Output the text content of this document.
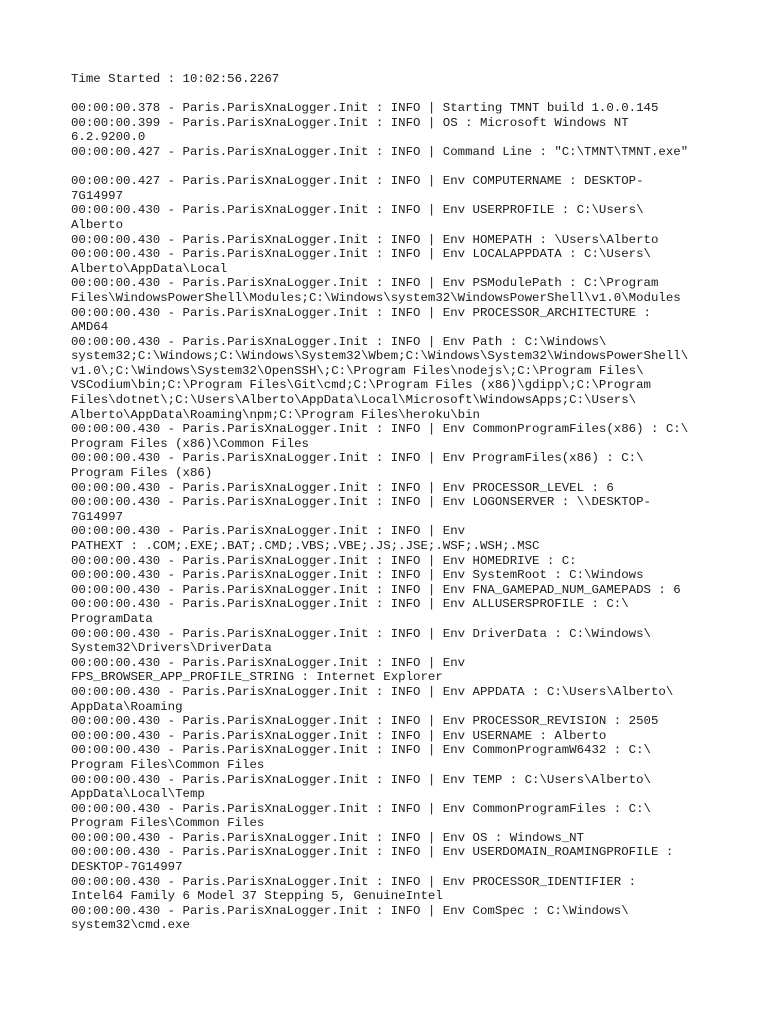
Time Started : 10:02:56.2267
00:00:00.378 - Paris.ParisXnaLogger.Init : INFO | Starting TMNT build 1.0.0.145
00:00:00.399 - Paris.ParisXnaLogger.Init : INFO | OS : Microsoft Windows NT
6.2.9200.0
00:00:00.427 - Paris.ParisXnaLogger.Init : INFO | Command Line : "C:\TMNT\TMNT.exe"
00:00:00.427 - Paris.ParisXnaLogger.Init : INFO | Env COMPUTERNAME : DESKTOP-
7G14997
00:00:00.430 - Paris.ParisXnaLogger.Init : INFO | Env USERPROFILE : C:\Users\
Alberto
00:00:00.430 - Paris.ParisXnaLogger.Init : INFO | Env HOMEPATH : \Users\Alberto
00:00:00.430 - Paris.ParisXnaLogger.Init : INFO | Env LOCALAPPDATA : C:\Users\
Alberto\AppData\Local
00:00:00.430 - Paris.ParisXnaLogger.Init : INFO | Env PSModulePath : C:\Program
Files\WindowsPowerShell\Modules;C:\Windows\system32\WindowsPowerShell\v1.0\Modules
00:00:00.430 - Paris.ParisXnaLogger.Init : INFO | Env PROCESSOR_ARCHITECTURE :
AMD64
00:00:00.430 - Paris.ParisXnaLogger.Init : INFO | Env Path : C:\Windows\
system32;C:\Windows;C:\Windows\System32\Wbem;C:\Windows\System32\WindowsPowerShell\
v1.0\;C:\Windows\System32\OpenSSH\;C:\Program Files\nodejs\;C:\Program Files\
VSCodium\bin;C:\Program Files\Git\cmd;C:\Program Files (x86)\gdipp\;C:\Program
Files\dotnet\;C:\Users\Alberto\AppData\Local\Microsoft\WindowsApps;C:\Users\
Alberto\AppData\Roaming\npm;C:\Program Files\heroku\bin
00:00:00.430 - Paris.ParisXnaLogger.Init : INFO | Env CommonProgramFiles(x86) : C:\
Program Files (x86)\Common Files
00:00:00.430 - Paris.ParisXnaLogger.Init : INFO | Env ProgramFiles(x86) : C:\
Program Files (x86)
00:00:00.430 - Paris.ParisXnaLogger.Init : INFO | Env PROCESSOR_LEVEL : 6
00:00:00.430 - Paris.ParisXnaLogger.Init : INFO | Env LOGONSERVER : \\DESKTOP-
7G14997
00:00:00.430 - Paris.ParisXnaLogger.Init : INFO | Env
PATHEXT : .COM;.EXE;.BAT;.CMD;.VBS;.VBE;.JS;.JSE;.WSF;.WSH;.MSC
00:00:00.430 - Paris.ParisXnaLogger.Init : INFO | Env HOMEDRIVE : C:
00:00:00.430 - Paris.ParisXnaLogger.Init : INFO | Env SystemRoot : C:\Windows
00:00:00.430 - Paris.ParisXnaLogger.Init : INFO | Env FNA_GAMEPAD_NUM_GAMEPADS : 6
00:00:00.430 - Paris.ParisXnaLogger.Init : INFO | Env ALLUSERSPROFILE : C:\
ProgramData
00:00:00.430 - Paris.ParisXnaLogger.Init : INFO | Env DriverData : C:\Windows\
System32\Drivers\DriverData
00:00:00.430 - Paris.ParisXnaLogger.Init : INFO | Env
FPS_BROWSER_APP_PROFILE_STRING : Internet Explorer
00:00:00.430 - Paris.ParisXnaLogger.Init : INFO | Env APPDATA : C:\Users\Alberto\
AppData\Roaming
00:00:00.430 - Paris.ParisXnaLogger.Init : INFO | Env PROCESSOR_REVISION : 2505
00:00:00.430 - Paris.ParisXnaLogger.Init : INFO | Env USERNAME : Alberto
00:00:00.430 - Paris.ParisXnaLogger.Init : INFO | Env CommonProgramW6432 : C:\
Program Files\Common Files
00:00:00.430 - Paris.ParisXnaLogger.Init : INFO | Env TEMP : C:\Users\Alberto\
AppData\Local\Temp
00:00:00.430 - Paris.ParisXnaLogger.Init : INFO | Env CommonProgramFiles : C:\
Program Files\Common Files
00:00:00.430 - Paris.ParisXnaLogger.Init : INFO | Env OS : Windows_NT
00:00:00.430 - Paris.ParisXnaLogger.Init : INFO | Env USERDOMAIN_ROAMINGPROFILE :
DESKTOP-7G14997
00:00:00.430 - Paris.ParisXnaLogger.Init : INFO | Env PROCESSOR_IDENTIFIER :
Intel64 Family 6 Model 37 Stepping 5, GenuineIntel
00:00:00.430 - Paris.ParisXnaLogger.Init : INFO | Env ComSpec : C:\Windows\
system32\cmd.exe
